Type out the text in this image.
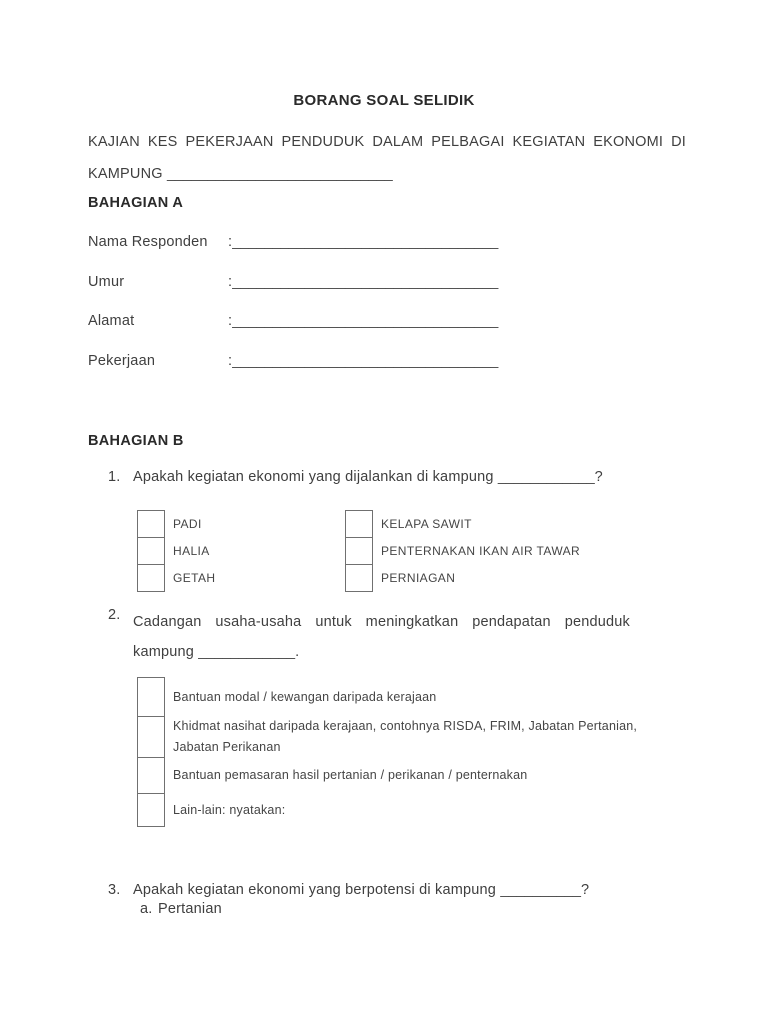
BORANG SOAL SELIDIK
KAJIAN KES PEKERJAAN PENDUDUK DALAM PELBAGAI KEGIATAN EKONOMI DI
KAMPUNG ____________________________
BAHAGIAN A
Nama Responden :_________________________________
Umur	:_________________________________
Alamat	:_________________________________
Pekerjaan	:_________________________________
BAHAGIAN B
1. Apakah kegiatan ekonomi yang dijalankan di kampung ____________?
PADI
HALIA
GETAH
KELAPA SAWIT
PENTERNAKAN IKAN AIR TAWAR
PERNIAGAN
2. Cadangan usaha-usaha untuk meningkatkan pendapatan penduduk
kampung ____________.
Bantuan modal / kewangan daripada kerajaan
Khidmat nasihat daripada kerajaan, contohnya RISDA, FRIM, Jabatan Pertanian, Jabatan Perikanan
Bantuan pemasaran hasil pertanian / perikanan / penternakan
Lain-lain: nyatakan:
3. Apakah kegiatan ekonomi yang berpotensi di kampung __________?
a. Pertanian
